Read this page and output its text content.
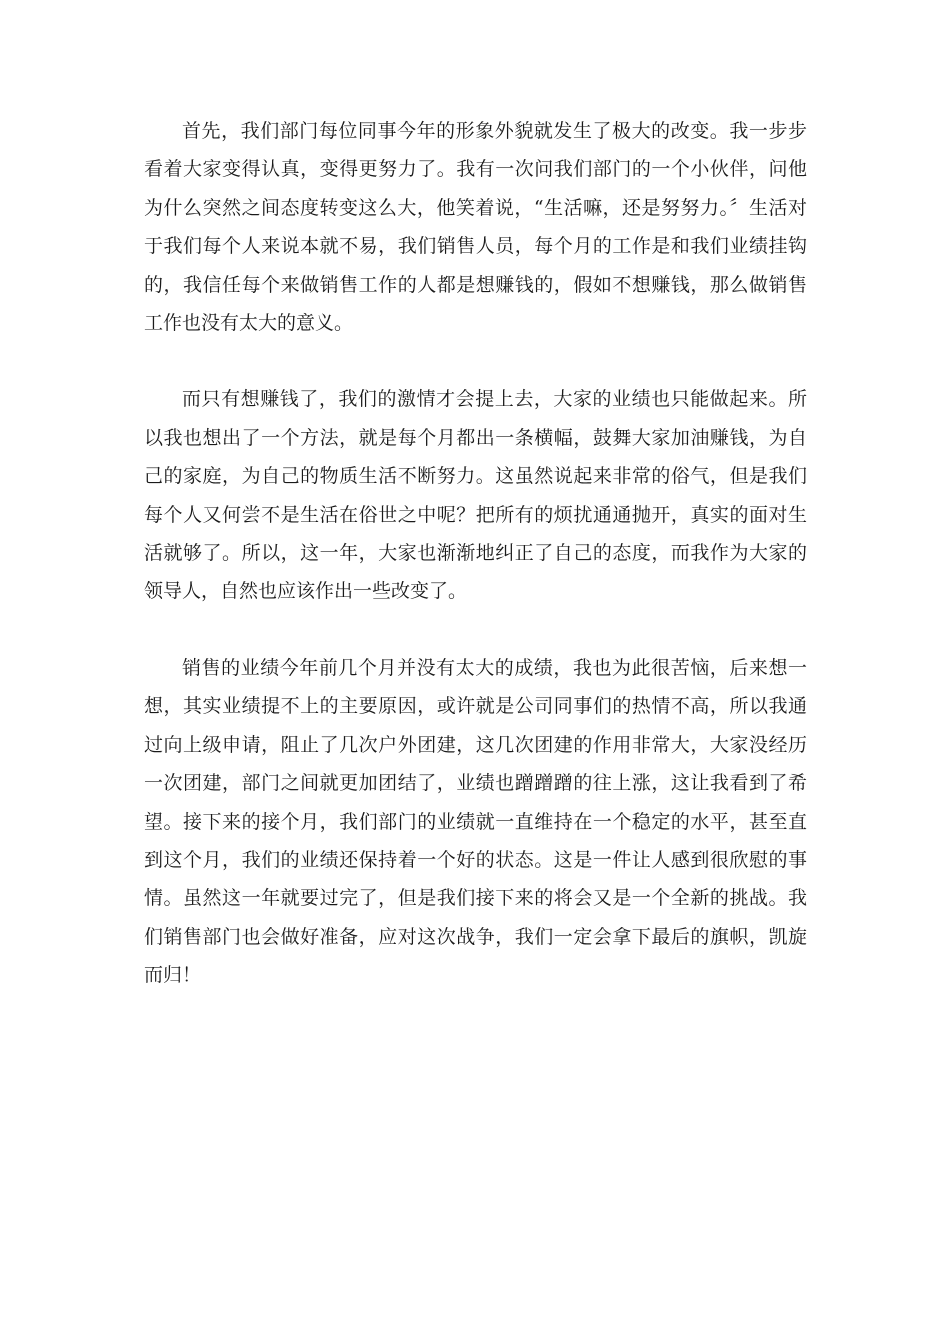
首先，我们部门每位同事今年的形象外貌就发生了极大的改变。我一步步看着大家变得认真，变得更努力了。我有一次问我们部门的一个小伙伴，问他为什么突然之间态度转变这么大，他笑着说，“生活嘛，还是努努力。〞生活对于我们每个人来说本就不易，我们销售人员，每个月的工作是和我们业绩挂钩的，我信任每个来做销售工作的人都是想赚钱的，假如不想赚钱，那么做销售工作也没有太大的意义。

而只有想赚钱了，我们的激情才会提上去，大家的业绩也只能做起来。所以我也想出了一个方法，就是每个月都出一条横幅，鼓舞大家加油赚钱，为自己的家庭，为自己的物质生活不断努力。这虽然说起来非常的俗气，但是我们每个人又何尝不是生活在俗世之中呢？把所有的烦扰通通抛开，真实的面对生活就够了。所以，这一年，大家也渐渐地纠正了自己的态度，而我作为大家的领导人，自然也应该作出一些改变了。

销售的业绩今年前几个月并没有太大的成绩，我也为此很苦恼，后来想一想，其实业绩提不上的主要原因，或许就是公司同事们的热情不高，所以我通过向上级申请，阻止了几次户外团建，这几次团建的作用非常大，大家没经历一次团建，部门之间就更加团结了，业绩也蹭蹭蹭的往上涨，这让我看到了希望。接下来的接个月，我们部门的业绩就一直维持在一个稳定的水平，甚至直到这个月，我们的业绩还保持着一个好的状态。这是一件让人感到很欣慰的事情。虽然这一年就要过完了，但是我们接下来的将会又是一个全新的挑战。我们销售部门也会做好准备，应对这次战争，我们一定会拿下最后的旗帜，凯旋而归！
